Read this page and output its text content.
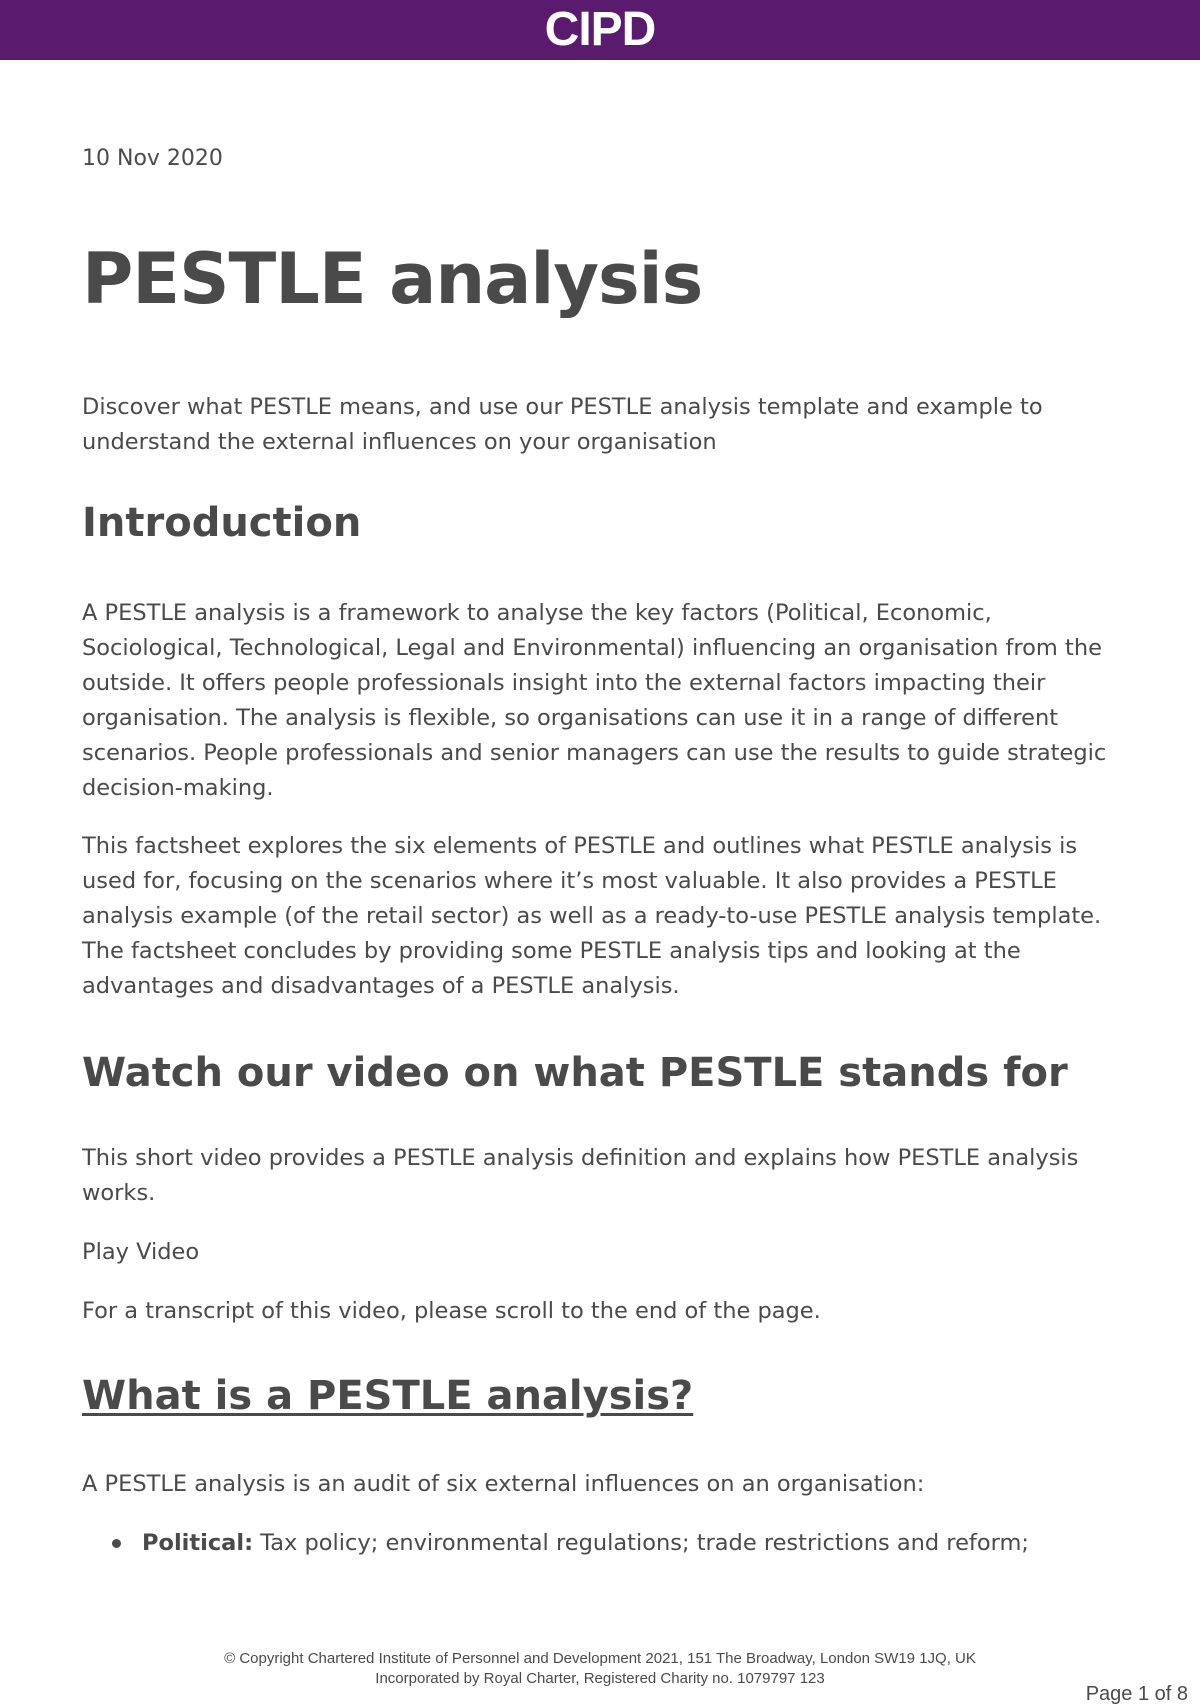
CIPD
10 Nov 2020
PESTLE analysis

Discover what PESTLE means, and use our PESTLE analysis template and example to understand the external influences on your organisation

Introduction

A PESTLE analysis is a framework to analyse the key factors (Political, Economic, Sociological, Technological, Legal and Environmental) influencing an organisation from the outside. It offers people professionals insight into the external factors impacting their organisation. The analysis is flexible, so organisations can use it in a range of different scenarios. People professionals and senior managers can use the results to guide strategic decision-making.

This factsheet explores the six elements of PESTLE and outlines what PESTLE analysis is used for, focusing on the scenarios where it’s most valuable. It also provides a PESTLE analysis example (of the retail sector) as well as a ready-to-use PESTLE analysis template. The factsheet concludes by providing some PESTLE analysis tips and looking at the advantages and disadvantages of a PESTLE analysis.

Watch our video on what PESTLE stands for

This short video provides a PESTLE analysis definition and explains how PESTLE analysis works.

Play Video

For a transcript of this video, please scroll to the end of the page.

What is a PESTLE analysis?

A PESTLE analysis is an audit of six external influences on an organisation:

Political: Tax policy; environmental regulations; trade restrictions and reform;
© Copyright Chartered Institute of Personnel and Development 2021, 151 The Broadway, London SW19 1JQ, UK
Incorporated by Royal Charter, Registered Charity no. 1079797 123
Page 1 of 8
